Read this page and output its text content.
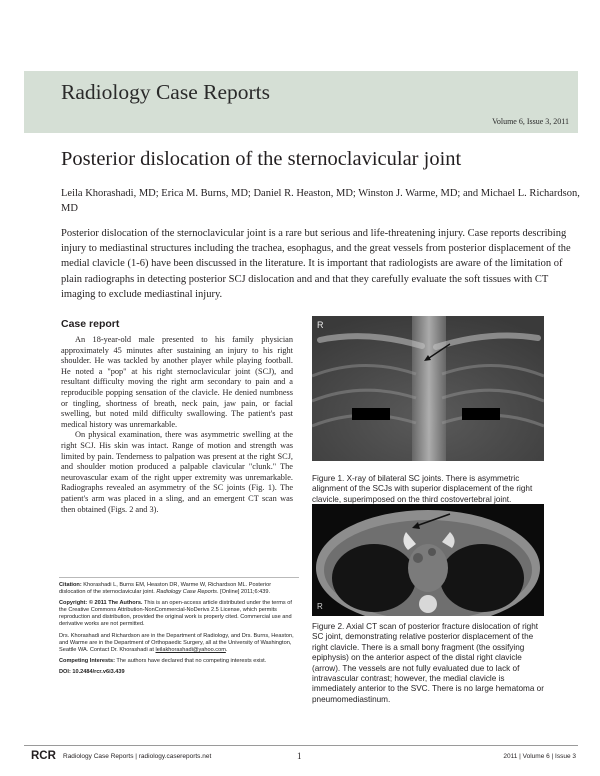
Radiology Case Reports
Volume 6, Issue 3, 2011
Posterior dislocation of the sternoclavicular joint
Leila Khorashadi, MD; Erica M. Burns, MD; Daniel R. Heaston, MD; Winston J. Warme, MD; and Michael L. Richardson, MD
Posterior dislocation of the sternoclavicular joint is a rare but serious and life-threatening injury. Case reports describing injury to mediastinal structures including the trachea, esophagus, and the great vessels from posterior displacement of the medial clavicle (1-6) have been discussed in the literature. It is important that radiologists are aware of the limitation of plain radiographs in detecting posterior SCJ dislocation and and that they carefully evaluate the soft tissues with CT imaging to exclude mediastinal injury.
Case report

An 18-year-old male presented to his family physician approximately 45 minutes after sustaining an injury to his right shoulder. He was tackled by another player while playing football. He noted a "pop" at his right sternoclavicular joint (SCJ), and resultant difficulty moving the right arm secondary to pain and a reproducible popping sensation of the clavicle. He denied numbness or tingling, shortness of breath, neck pain, jaw pain, or facial swelling, but noted mild difficulty swallowing. The patient's past medical history was unremarkable.

On physical examination, there was asymmetric swelling at the right SCJ. His skin was intact. Range of motion and strength was limited by pain. Tenderness to palpation was present at the right SCJ, and shoulder motion produced a palpable clavicular "clunk." The neurovascular exam of the right upper extremity was unremarkable. Radiographs revealed an asymmetry of the SC joints (Fig. 1). The patient's arm was placed in a sling, and an emergent CT scan was then obtained (Figs. 2 and 3).

Citation: Khorashadi L, Burns EM, Heaston DR, Warme W, Richardson ML. Posterior dislocation of the sternoclavicular joint. Radiology Case Reports. [Online] 2011;6:439.

Copyright: © 2011 The Authors. This is an open-access article distributed under the terms of the Creative Commons Attribution-NonCommercial-NoDerivs 2.5 License, which permits reproduction and distribution, provided the original work is properly cited. Commercial use and derivative works are not permitted.

Drs. Khorashadi and Richardson are in the Department of Radiology, and Drs. Burns, Heaston, and Warme are in the Department of Orthopaedic Surgery, all at the University of Washington, Seattle WA. Contact Dr. Khorashadi at leilakhorashadi@yahoo.com.

Competing Interests: The authors have declared that no competing interests exist.

DOI: 10.2484/rcr.v6i3.439

R
Figure 1. X-ray of bilateral SC joints. There is asymmetric alignment of the SCJs with superior displacement of the right clavicle, superimposed on the third costovertebral joint.
R
Figure 2. Axial CT scan of posterior fracture dislocation of right SC joint, demonstrating relative posterior displacement of the right clavicle. There is a small bony fragment (the ossifying epiphysis) on the anterior aspect of the distal right clavicle (arrow). The vessels are not fully evaluated due to lack of intravascular contrast; however, the medial clavicle is immediately anterior to the SVC. There is no large hematoma or pneumomediastinum.
RCR Radiology Case Reports | radiology.casereports.net	1	2011 | Volume 6 | Issue 3
